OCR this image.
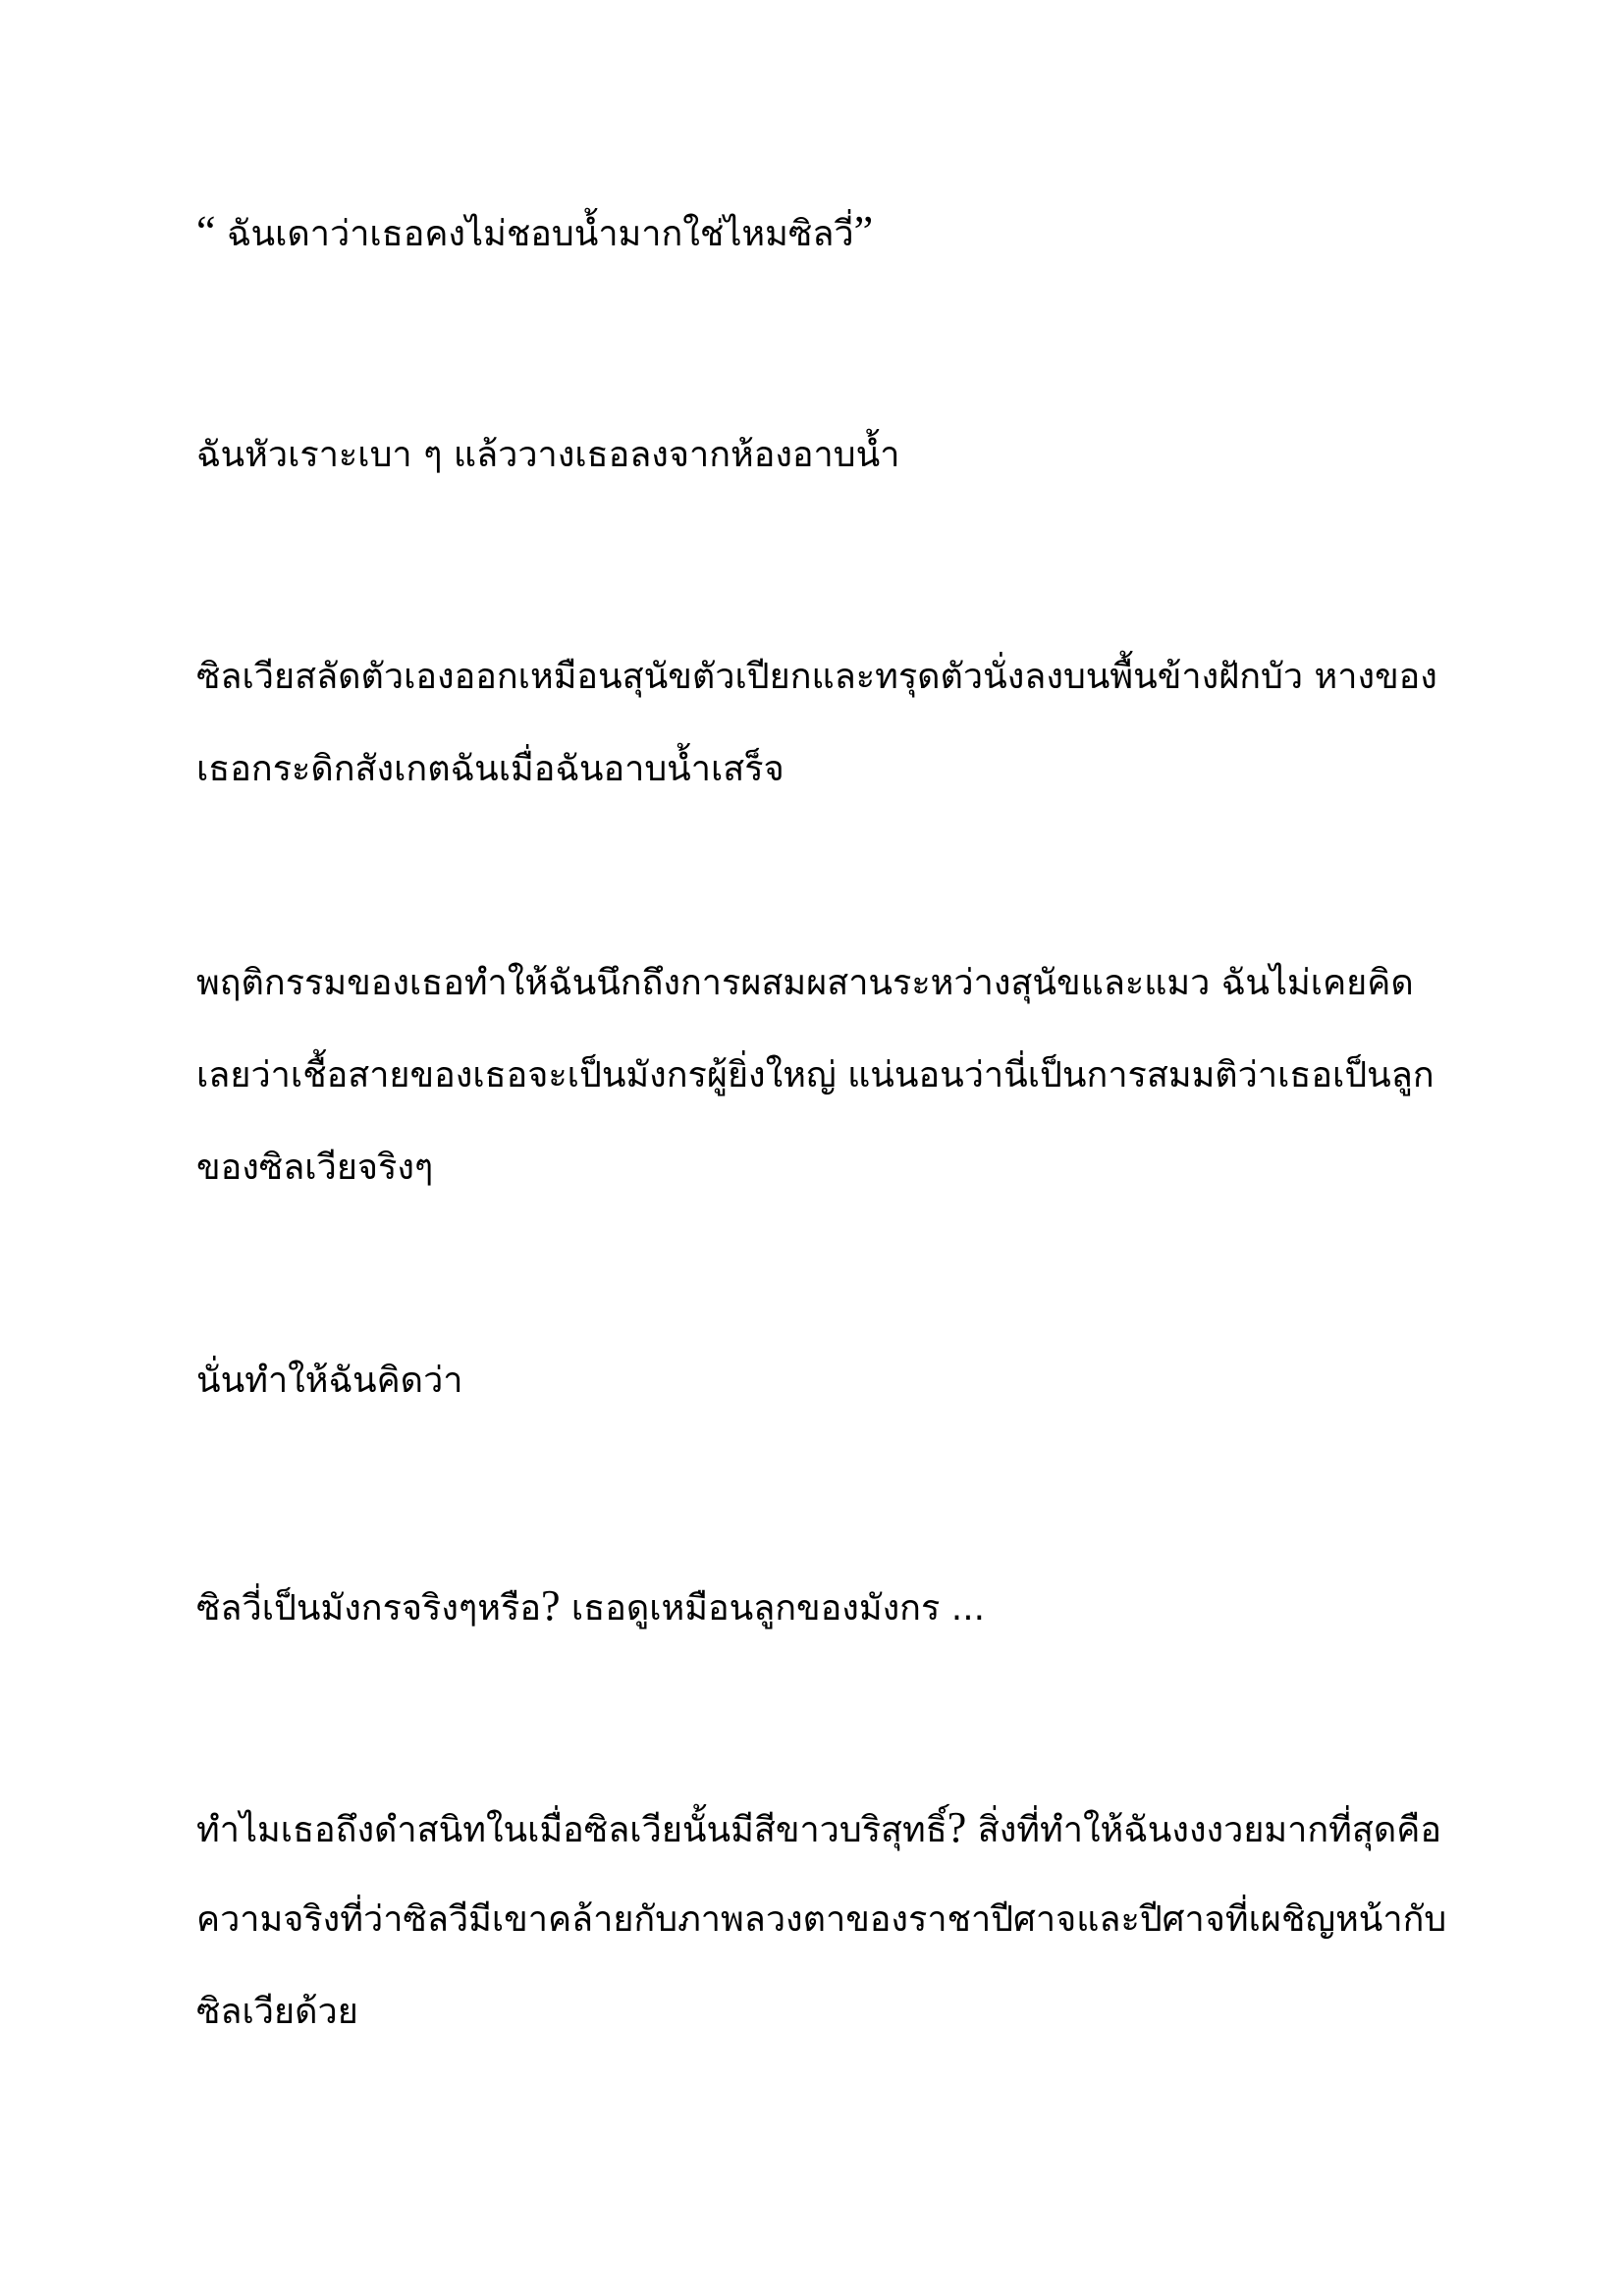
“ ฉันเดาว่าเธอคงไม่ชอบน้ำมากใช่ไหมซิลวี่”

ฉันหัวเราะเบา ๆ แล้ววางเธอลงจากห้องอาบน้ำ

ซิลเวียสลัดตัวเองออกเหมือนสุนัขตัวเปียกและทรุดตัวนั่งลงบนพื้นข้างฝักบัว หางของ
เธอกระดิกสังเกตฉันเมื่อฉันอาบน้ำเสร็จ

พฤติกรรมของเธอทำให้ฉันนึกถึงการผสมผสานระหว่างสุนัขและแมว ฉันไม่เคยคิด
เลยว่าเชื้อสายของเธอจะเป็นมังกรผู้ยิ่งใหญ่ แน่นอนว่านี่เป็นการสมมติว่าเธอเป็นลูก
ของซิลเวียจริงๆ

นั่นทำให้ฉันคิดว่า

ซิลวี่เป็นมังกรจริงๆหรือ? เธอดูเหมือนลูกของมังกร ...

ทำไมเธอถึงดำสนิทในเมื่อซิลเวียนั้นมีสีขาวบริสุทธิ์? สิ่งที่ทำให้ฉันงงงวยมากที่สุดคือ
ความจริงที่ว่าซิลวีมีเขาคล้ายกับภาพลวงตาของราชาปีศาจและปีศาจที่เผชิญหน้ากับ
ซิลเวียด้วย
